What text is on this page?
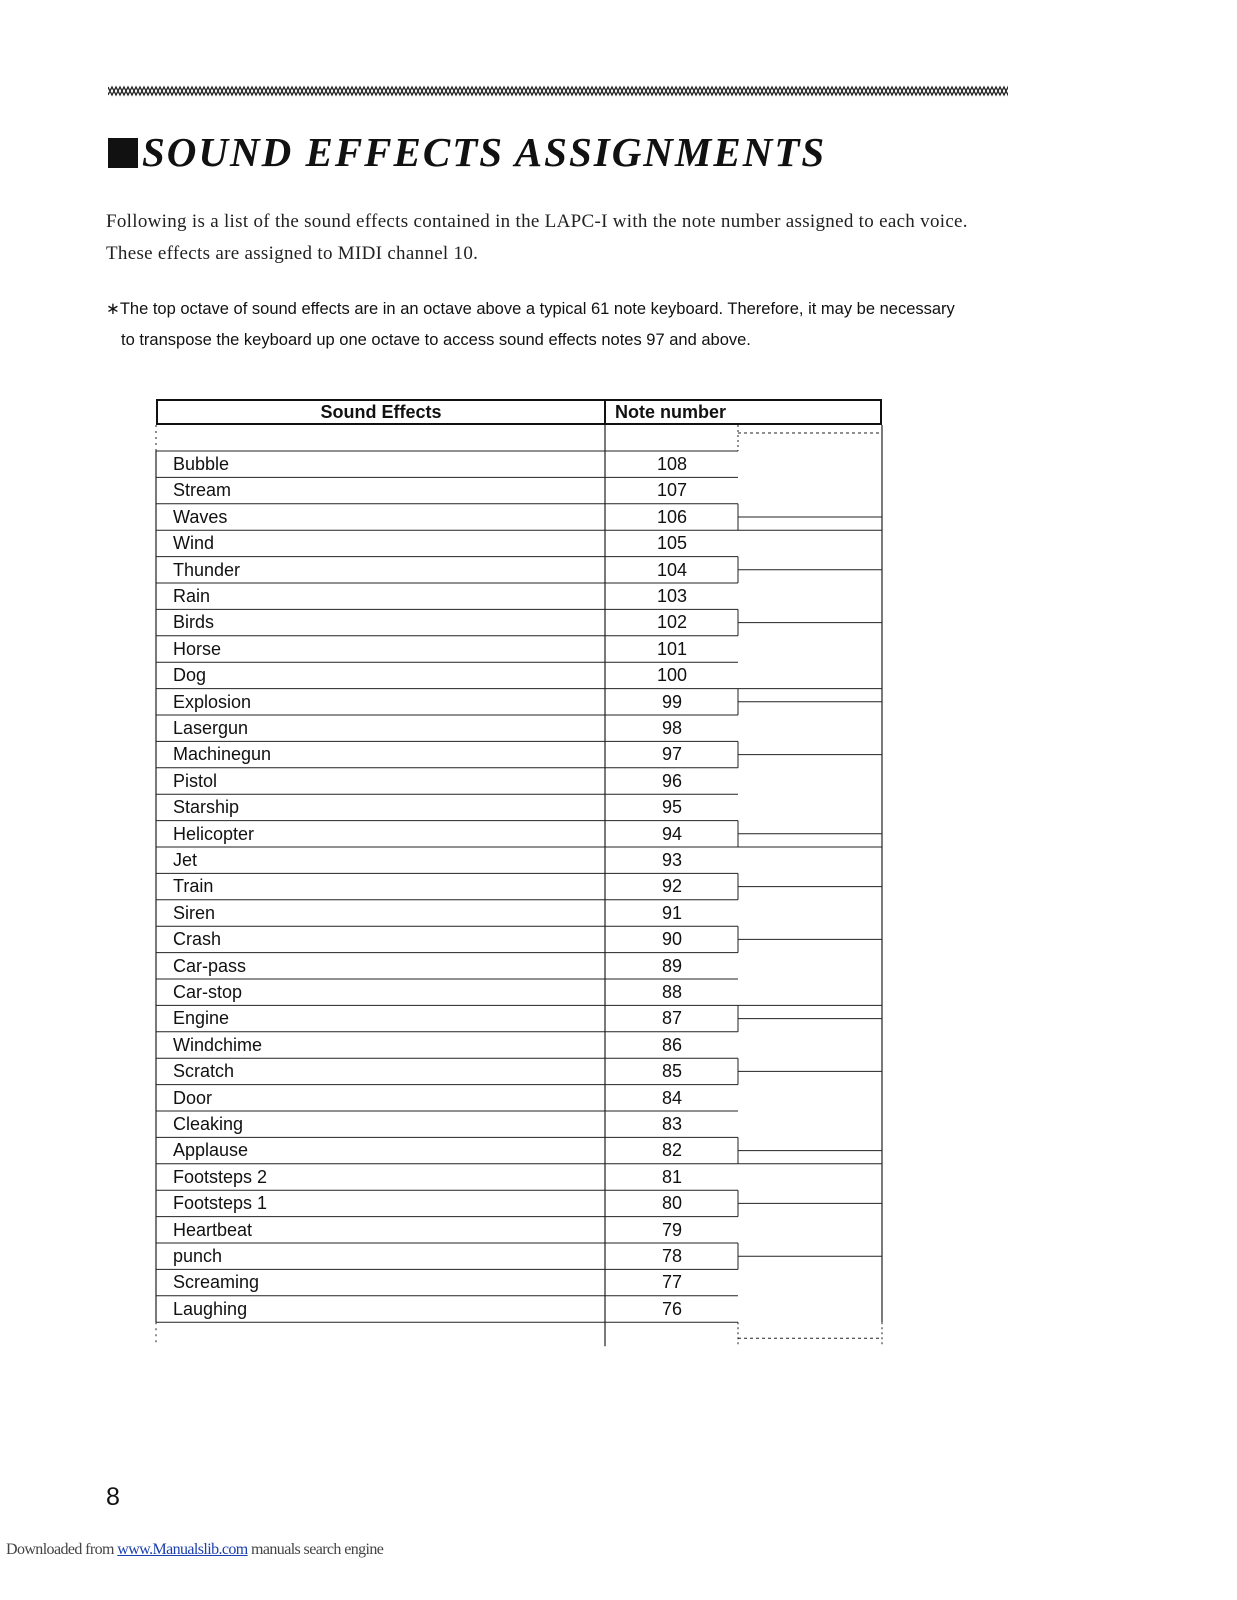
SOUND EFFECTS ASSIGNMENTS
Following is a list of the sound effects contained in the LAPC-I with the note number assigned to each voice. These effects are assigned to MIDI channel 10.
∗The top octave of sound effects are in an octave above a typical 61 note keyboard. Therefore, it may be necessary
to transpose the keyboard up one octave to access sound effects notes 97 and above.
Sound Effects	Note number
Bubble	108
Stream	107
Waves	106
Wind	105
Thunder	104
Rain	103
Birds	102
Horse	101
Dog	100
Explosion	99
Lasergun	98
Machinegun	97
Pistol	96
Starship	95
Helicopter	94
Jet	93
Train	92
Siren	91
Crash	90
Car-pass	89
Car-stop	88
Engine	87
Windchime	86
Scratch	85
Door	84
Cleaking	83
Applause	82
Footsteps 2	81
Footsteps 1	80
Heartbeat	79
punch	78
Screaming	77
Laughing	76
8
Downloaded from www.Manualslib.com manuals search engine
